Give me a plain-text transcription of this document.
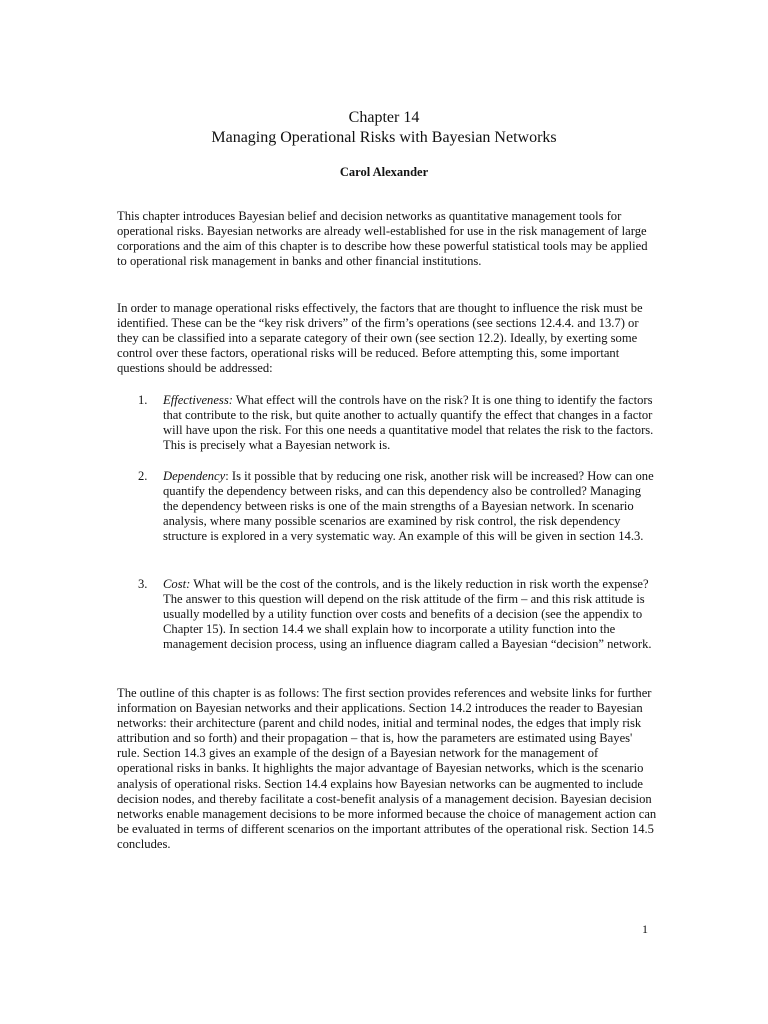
Chapter 14
Managing Operational Risks with Bayesian Networks
Carol Alexander

This chapter introduces Bayesian belief and decision networks as quantitative management tools for operational risks. Bayesian networks are already well-established for use in the risk management of large corporations and the aim of this chapter is to describe how these powerful statistical tools may be applied to operational risk management in banks and other financial institutions.

In order to manage operational risks effectively, the factors that are thought to influence the risk must be identified. These can be the “key risk drivers” of the firm’s operations (see sections 12.4.4. and 13.7) or they can be classified into a separate category of their own (see section 12.2). Ideally, by exerting some control over these factors, operational risks will be reduced. Before attempting this, some important questions should be addressed:

1. Effectiveness: What effect will the controls have on the risk? It is one thing to identify the factors that contribute to the risk, but quite another to actually quantify the effect that changes in a factor will have upon the risk. For this one needs a quantitative model that relates the risk to the factors. This is precisely what a Bayesian network is.
2. Dependency: Is it possible that by reducing one risk, another risk will be increased? How can one quantify the dependency between risks, and can this dependency also be controlled? Managing the dependency between risks is one of the main strengths of a Bayesian network. In scenario analysis, where many possible scenarios are examined by risk control, the risk dependency structure is explored in a very systematic way. An example of this will be given in section 14.3.
3. Cost: What will be the cost of the controls, and is the likely reduction in risk worth the expense? The answer to this question will depend on the risk attitude of the firm – and this risk attitude is usually modelled by a utility function over costs and benefits of a decision (see the appendix to Chapter 15). In section 14.4 we shall explain how to incorporate a utility function into the management decision process, using an influence diagram called a Bayesian “decision” network.

The outline of this chapter is as follows: The first section provides references and website links for further information on Bayesian networks and their applications. Section 14.2 introduces the reader to Bayesian networks: their architecture (parent and child nodes, initial and terminal nodes, the edges that imply risk attribution and so forth) and their propagation – that is, how the parameters are estimated using Bayes' rule. Section 14.3 gives an example of the design of a Bayesian network for the management of operational risks in banks. It highlights the major advantage of Bayesian networks, which is the scenario analysis of operational risks. Section 14.4 explains how Bayesian networks can be augmented to include decision nodes, and thereby facilitate a cost-benefit analysis of a management decision. Bayesian decision networks enable management decisions to be more informed because the choice of management action can be evaluated in terms of different scenarios on the important attributes of the operational risk. Section 14.5 concludes.

1
